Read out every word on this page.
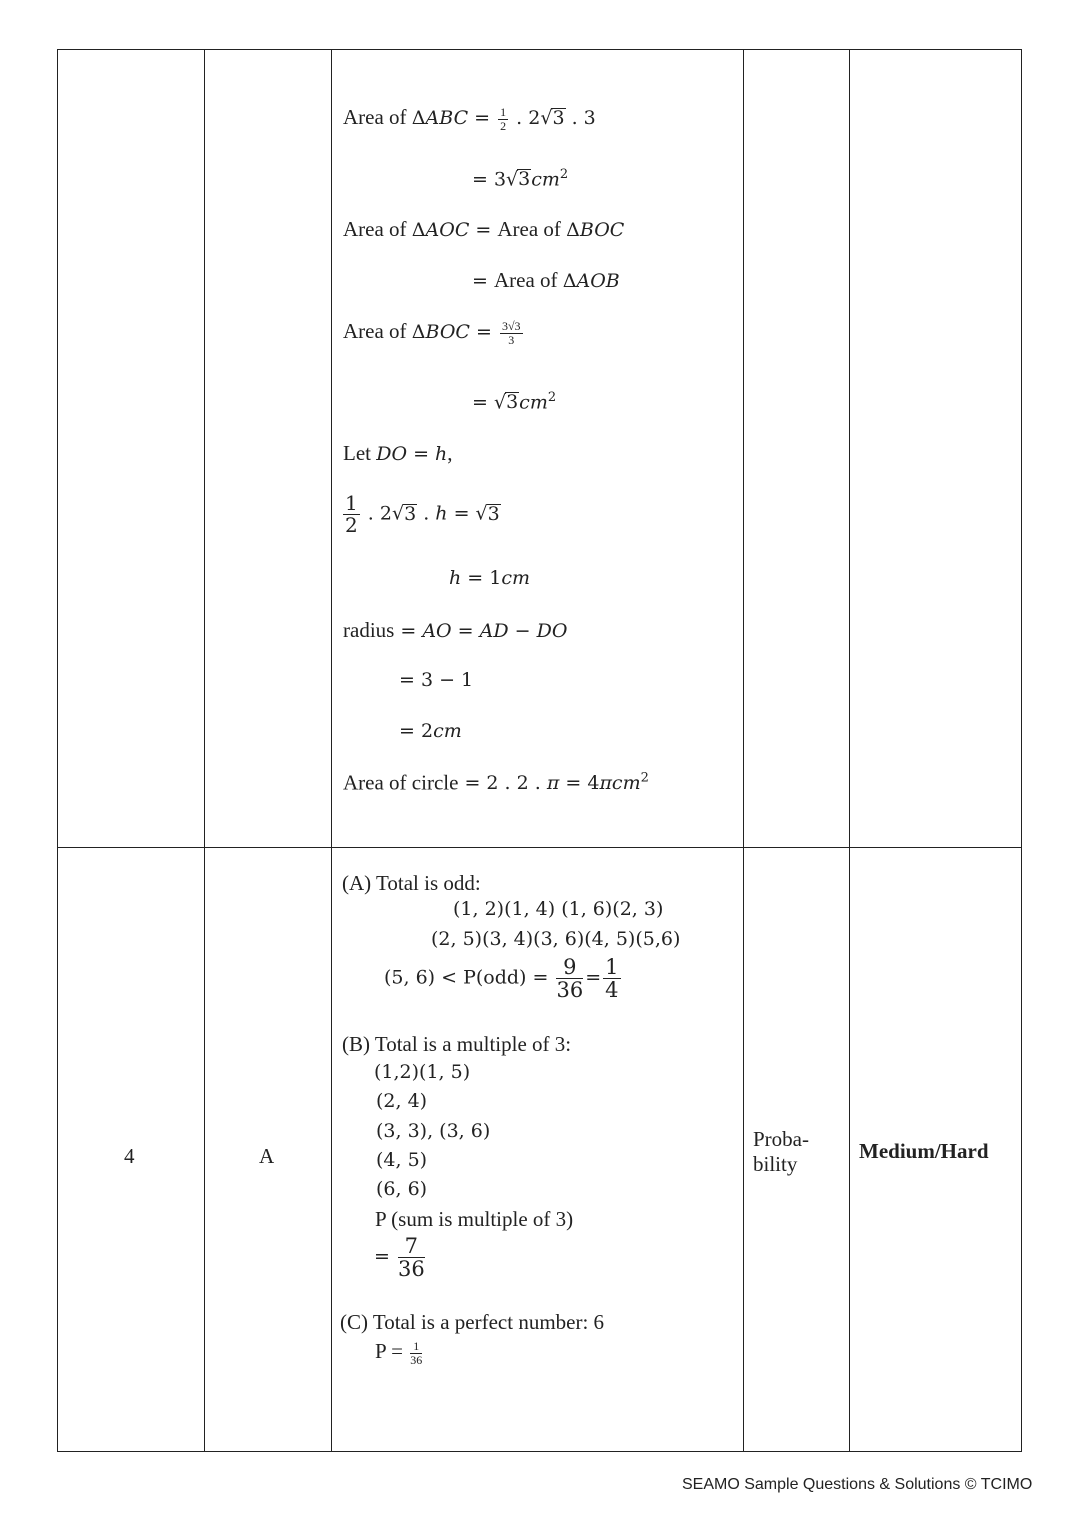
Area of $\Delta ABC = \frac{1}{2}$ . 2√3 . 3
= $3√3cm^2$
Area of ΔAOC = Area of ΔBOC
= Area of ΔAOB
Area of $\Delta BOC = \frac{3√3}{3}$
= $√3cm^2$
Let DO = h,
$\frac{1}{2}$ . 2√3 . h = √3
h = 1cm
radius = AO = AD − DO
= 3 − 1
= 2cm
Area of circle = 2 . 2 . π = 4πcm$^2$
4	A
Proba-
bility
Medium/Hard
(A) Total is odd:
(1, 2)(1, 4) (1, 6)(2, 3)
(2, 5)(3, 4)(3, 6)(4, 5)(5,6)
(5, $6) < P(odd) = \frac{9}{36} = \frac{1}{4}$
(B) Total is a multiple of 3:
(1,2)(1, 5)
(2, 4)
(3, 3), (3, 6)
(4, 5)
(6, 6)
P (sum is multiple of 3)
= $\frac{7}{36}$
(C) Total is a perfect number: 6
$P = \frac{1}{36}$
SEAMO Sample Questions & Solutions © TCIMO
